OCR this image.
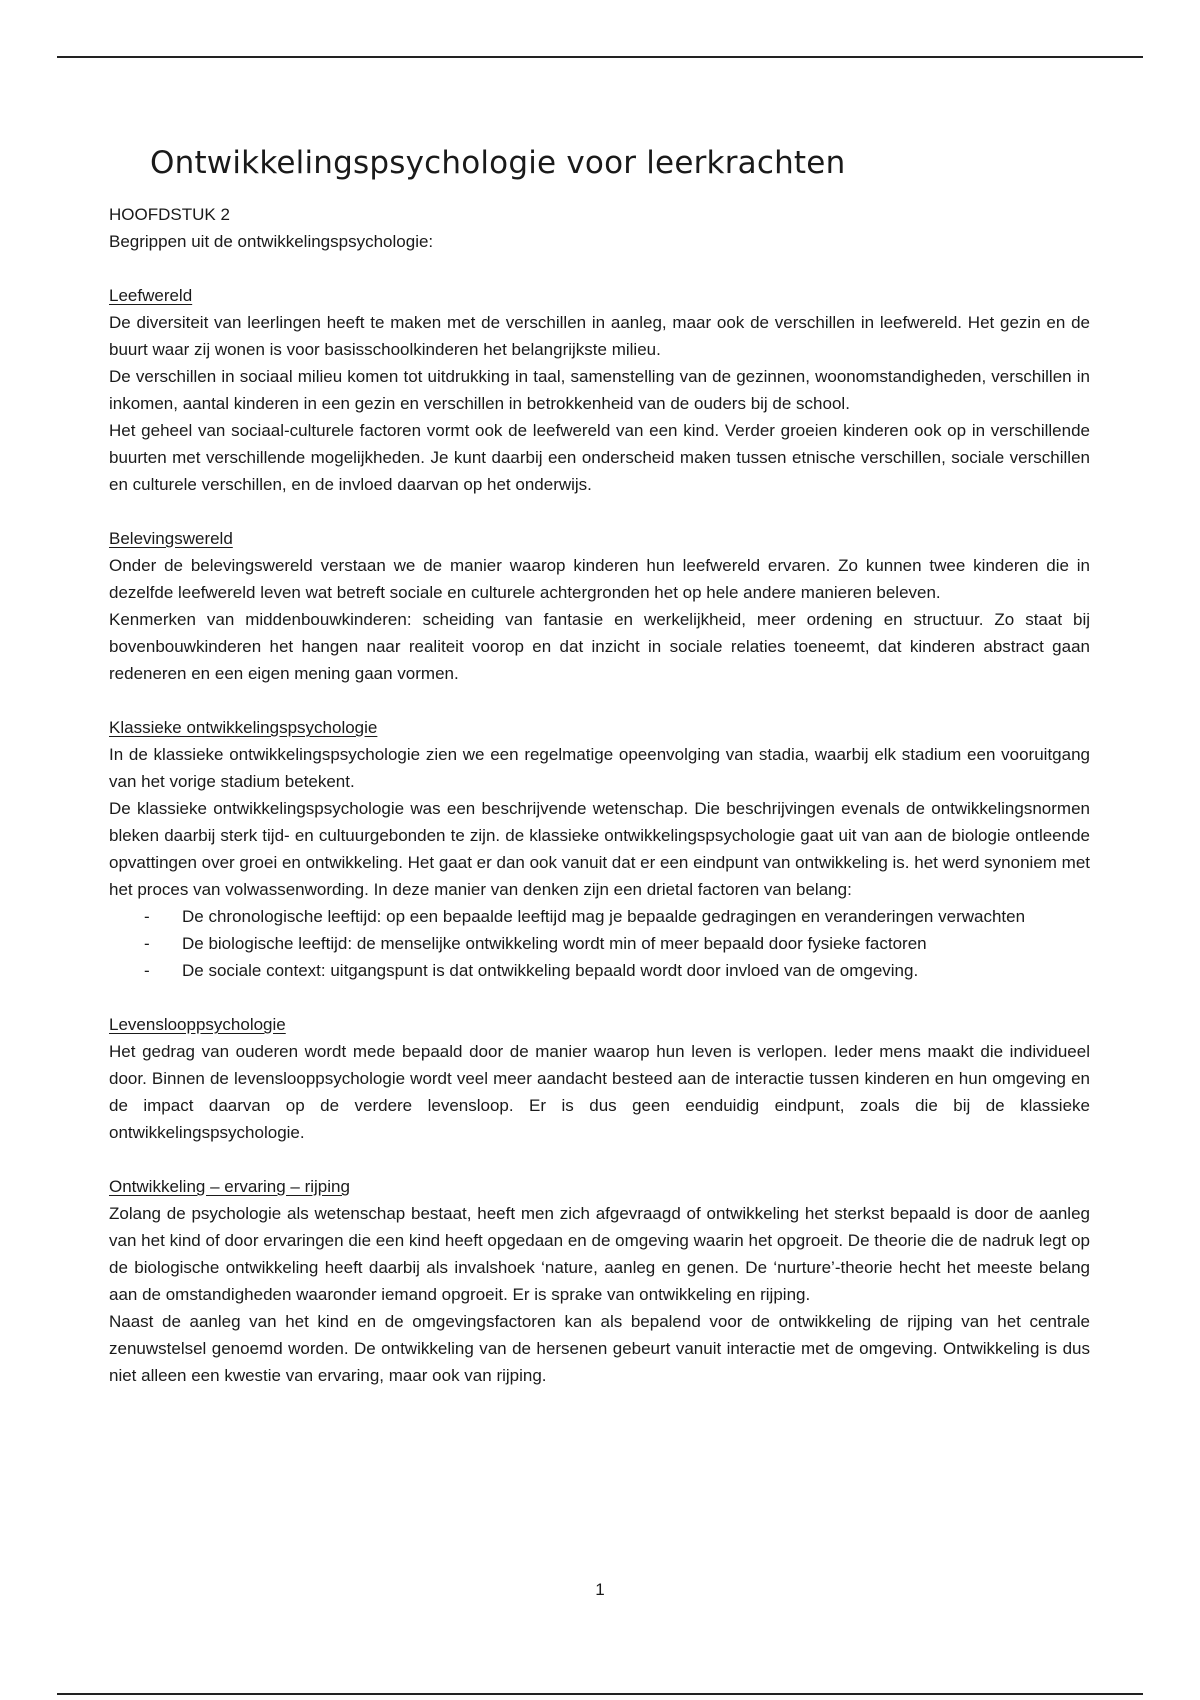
Ontwikkelingspsychologie voor leerkrachten
HOOFDSTUK 2
Begrippen uit de ontwikkelingspsychologie:
Leefwereld

De diversiteit van leerlingen heeft te maken met de verschillen in aanleg, maar ook de verschillen in leefwereld. Het gezin en de buurt waar zij wonen is voor basisschoolkinderen het belangrijkste milieu.

De verschillen in sociaal milieu komen tot uitdrukking in taal, samenstelling van de gezinnen, woonomstandigheden, verschillen in inkomen, aantal kinderen in een gezin en verschillen in betrokkenheid van de ouders bij de school.

Het geheel van sociaal-culturele factoren vormt ook de leefwereld van een kind. Verder groeien kinderen ook op in verschillende buurten met verschillende mogelijkheden. Je kunt daarbij een onderscheid maken tussen etnische verschillen, sociale verschillen en culturele verschillen, en de invloed daarvan op het onderwijs.

Belevingswereld

Onder de belevingswereld verstaan we de manier waarop kinderen hun leefwereld ervaren. Zo kunnen twee kinderen die in dezelfde leefwereld leven wat betreft sociale en culturele achtergronden het op hele andere manieren beleven.

Kenmerken van middenbouwkinderen: scheiding van fantasie en werkelijkheid, meer ordening en structuur. Zo staat bij bovenbouwkinderen het hangen naar realiteit voorop en dat inzicht in sociale relaties toeneemt, dat kinderen abstract gaan redeneren en een eigen mening gaan vormen.

Klassieke ontwikkelingspsychologie

In de klassieke ontwikkelingspsychologie zien we een regelmatige opeenvolging van stadia, waarbij elk stadium een vooruitgang van het vorige stadium betekent.

De klassieke ontwikkelingspsychologie was een beschrijvende wetenschap. Die beschrijvingen evenals de ontwikkelingsnormen bleken daarbij sterk tijd- en cultuurgebonden te zijn. de klassieke ontwikkelingspsychologie gaat uit van aan de biologie ontleende opvattingen over groei en ontwikkeling. Het gaat er dan ook vanuit dat er een eindpunt van ontwikkeling is. het werd synoniem met het proces van volwassenwording. In deze manier van denken zijn een drietal factoren van belang:

- De chronologische leeftijd: op een bepaalde leeftijd mag je bepaalde gedragingen en veranderingen verwachten
- De biologische leeftijd: de menselijke ontwikkeling wordt min of meer bepaald door fysieke factoren
- De sociale context: uitgangspunt is dat ontwikkeling bepaald wordt door invloed van de omgeving.
Levenslooppsychologie

Het gedrag van ouderen wordt mede bepaald door de manier waarop hun leven is verlopen. Ieder mens maakt die individueel door. Binnen de levenslooppsychologie wordt veel meer aandacht besteed aan de interactie tussen kinderen en hun omgeving en de impact daarvan op de verdere levensloop. Er is dus geen eenduidig eindpunt, zoals die bij de klassieke ontwikkelingspsychologie.

Ontwikkeling – ervaring – rijping

Zolang de psychologie als wetenschap bestaat, heeft men zich afgevraagd of ontwikkeling het sterkst bepaald is door de aanleg van het kind of door ervaringen die een kind heeft opgedaan en de omgeving waarin het opgroeit. De theorie die de nadruk legt op de biologische ontwikkeling heeft daarbij als invalshoek ‘nature, aanleg en genen. De ‘nurture’-theorie hecht het meeste belang aan de omstandigheden waaronder iemand opgroeit. Er is sprake van ontwikkeling en rijping.

Naast de aanleg van het kind en de omgevingsfactoren kan als bepalend voor de ontwikkeling de rijping van het centrale zenuwstelsel genoemd worden. De ontwikkeling van de hersenen gebeurt vanuit interactie met de omgeving. Ontwikkeling is dus niet alleen een kwestie van ervaring, maar ook van rijping.

1
